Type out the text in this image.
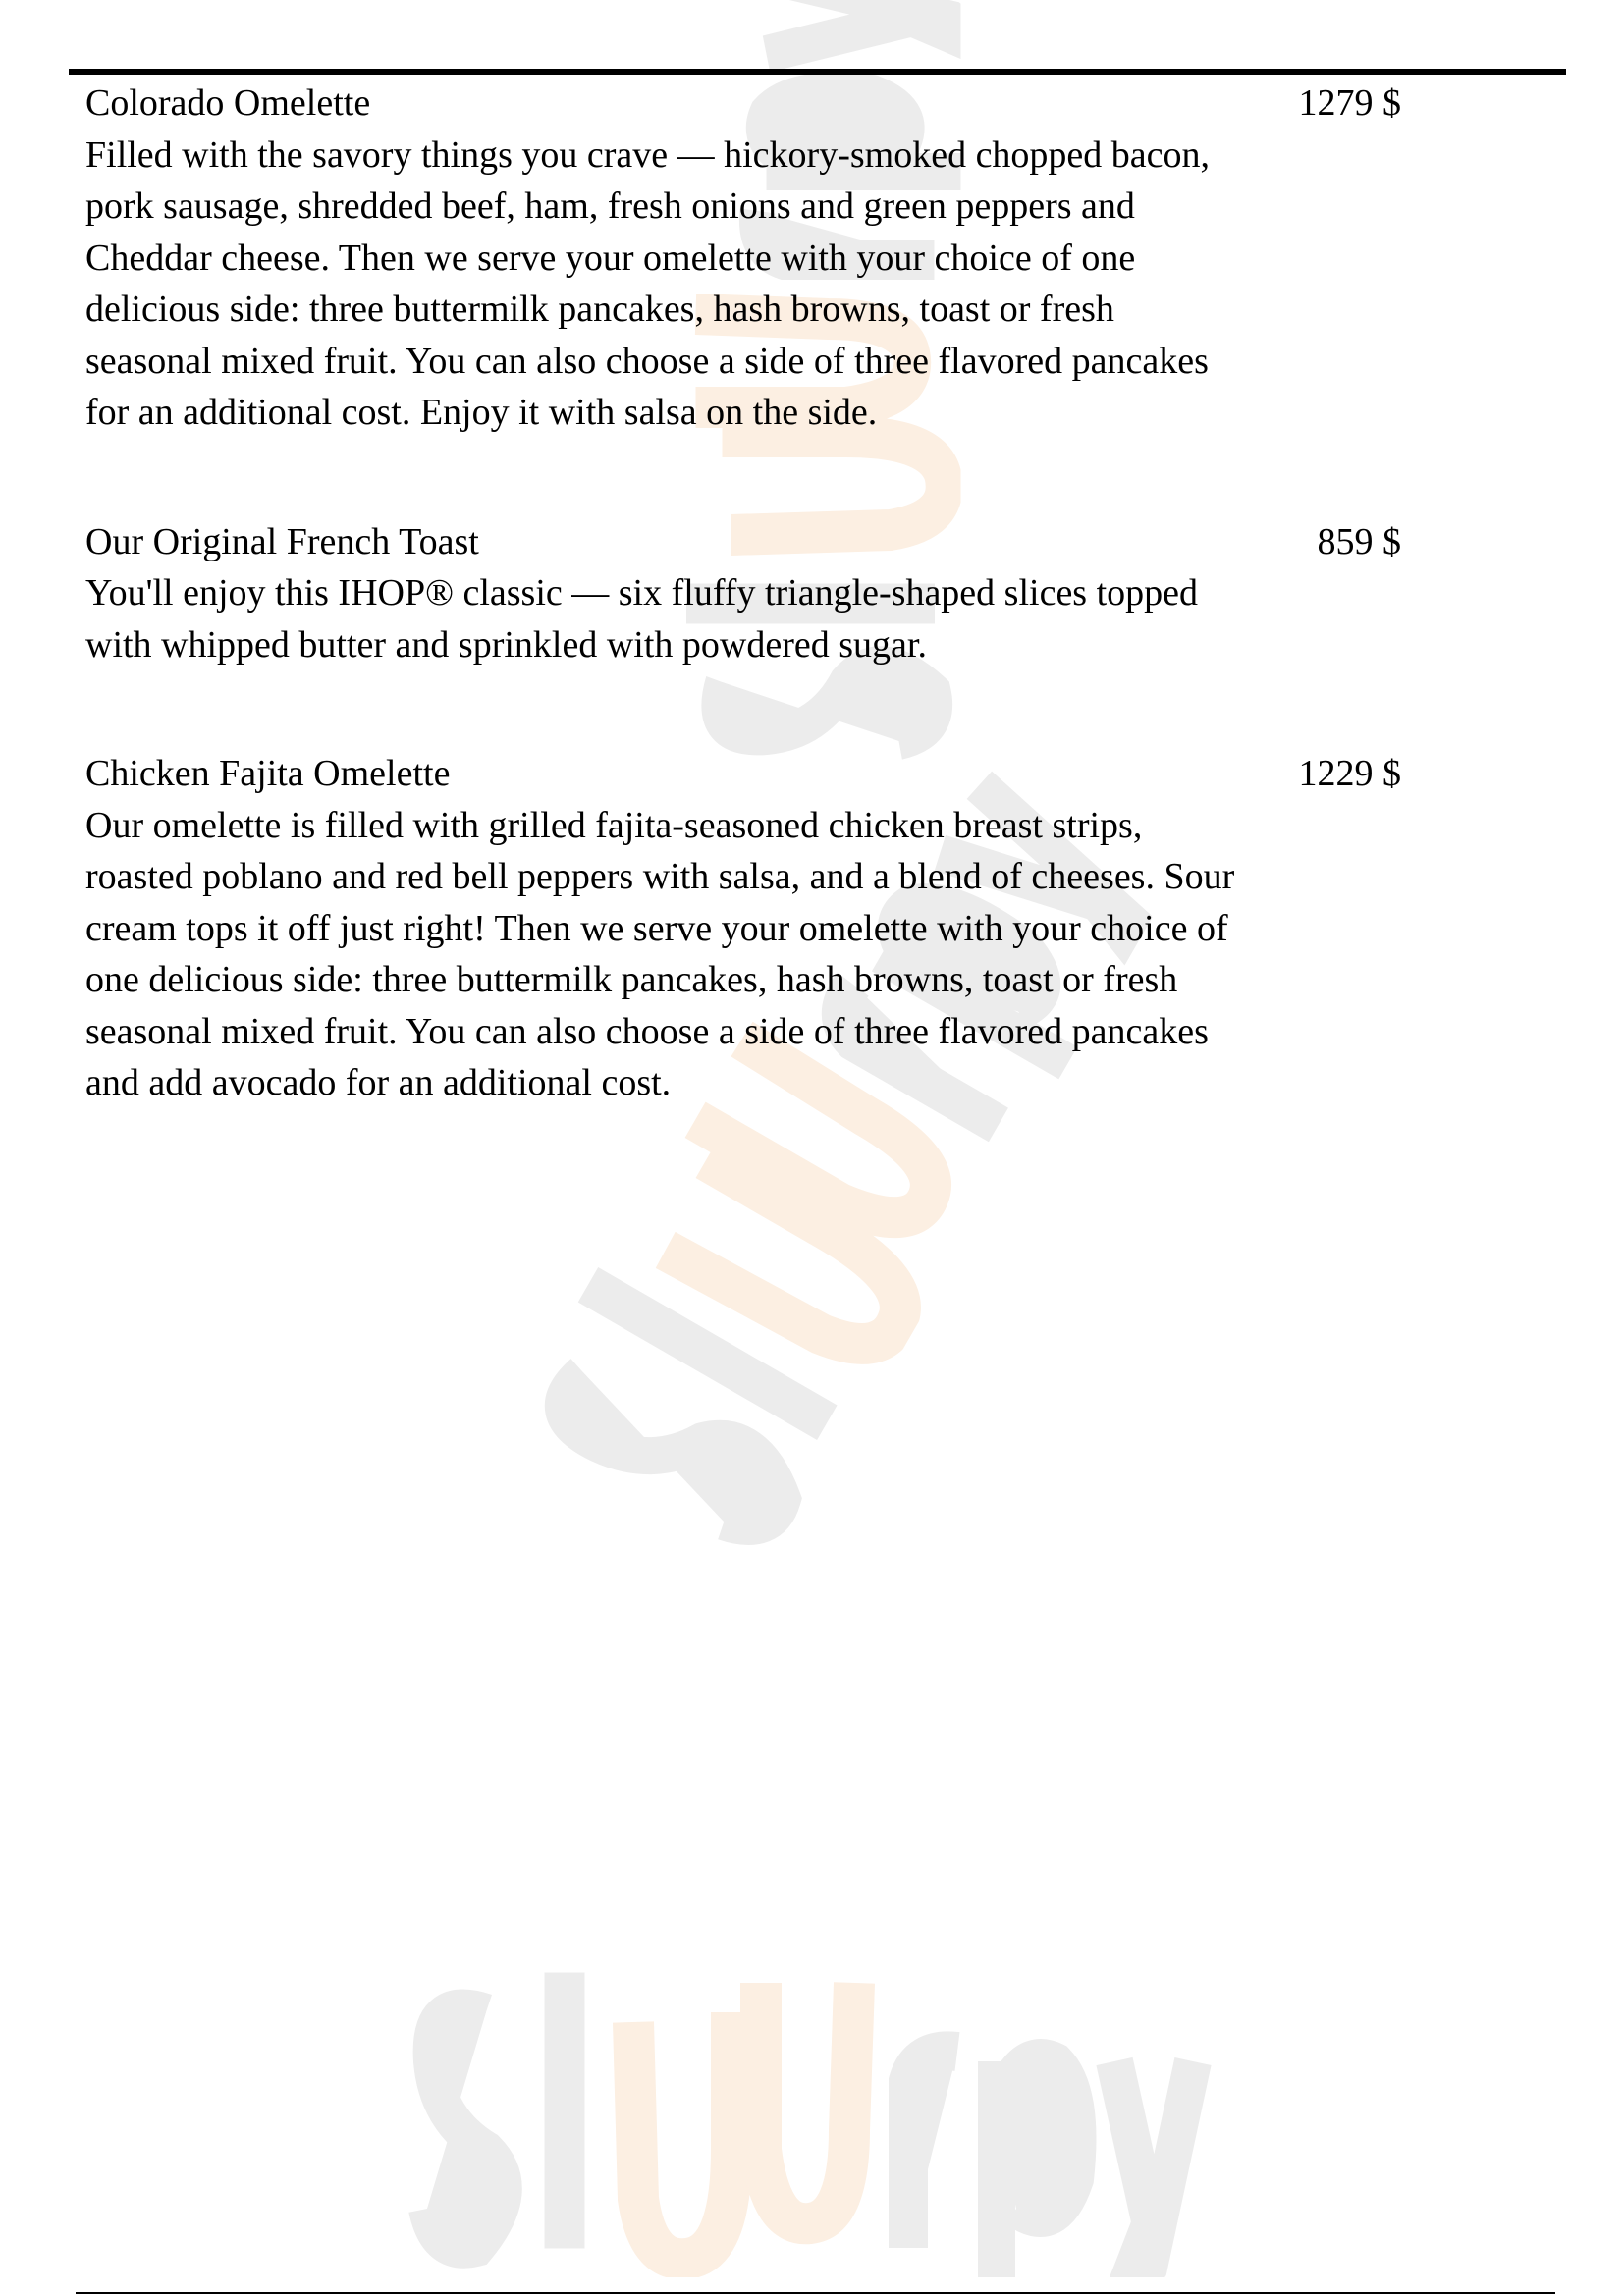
Colorado Omelette	1279 $
Filled with the savory things you crave — hickory-smoked chopped bacon, pork sausage, shredded beef, ham, fresh onions and green peppers and Cheddar cheese. Then we serve your omelette with your choice of one delicious side: three buttermilk pancakes, hash browns, toast or fresh seasonal mixed fruit. You can also choose a side of three flavored pancakes for an additional cost. Enjoy it with salsa on the side.
Our Original French Toast	859 $
You'll enjoy this IHOP® classic — six fluffy triangle-shaped slices topped with whipped butter and sprinkled with powdered sugar.
Chicken Fajita Omelette	1229 $
Our omelette is filled with grilled fajita-seasoned chicken breast strips, roasted poblano and red bell peppers with salsa, and a blend of cheeses. Sour cream tops it off just right! Then we serve your omelette with your choice of one delicious side: three buttermilk pancakes, hash browns, toast or fresh seasonal mixed fruit. You can also choose a side of three flavored pancakes and add avocado for an additional cost.
